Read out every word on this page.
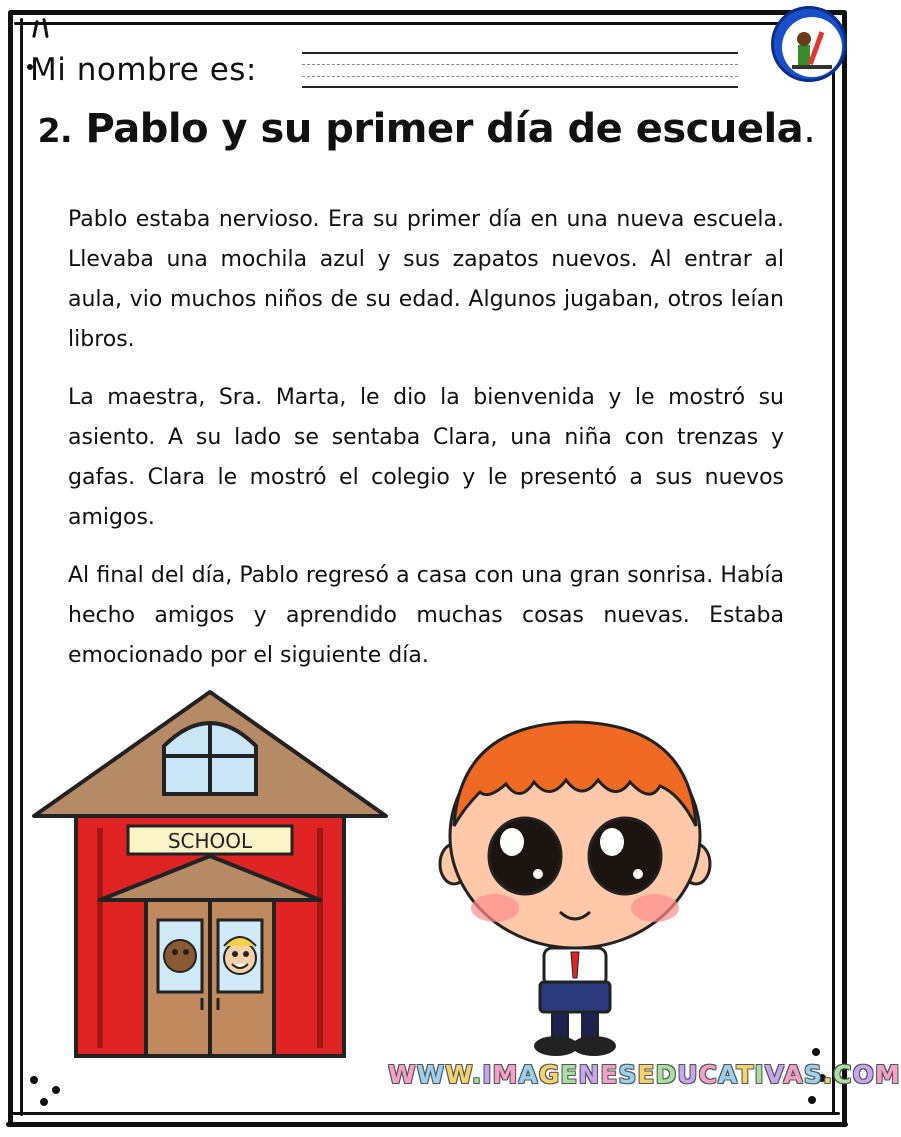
Mi nombre es:
2. Pablo y su primer día de escuela.

Pablo estaba nervioso. Era su primer día en una nueva escuela. Llevaba una mochila azul y sus zapatos nuevos. Al entrar al aula, vio muchos niños de su edad. Algunos jugaban, otros leían libros.

La maestra, Sra. Marta, le dio la bienvenida y le mostró su asiento. A su lado se sentaba Clara, una niña con trenzas y gafas. Clara le mostró el colegio y le presentó a sus nuevos amigos.

Al final del día, Pablo regresó a casa con una gran sonrisa. Había hecho amigos y aprendido muchas cosas nuevas. Estaba emocionado por el siguiente día.

SCHOOL
WWW.IMAGENESEDUCATIVAS.COM
